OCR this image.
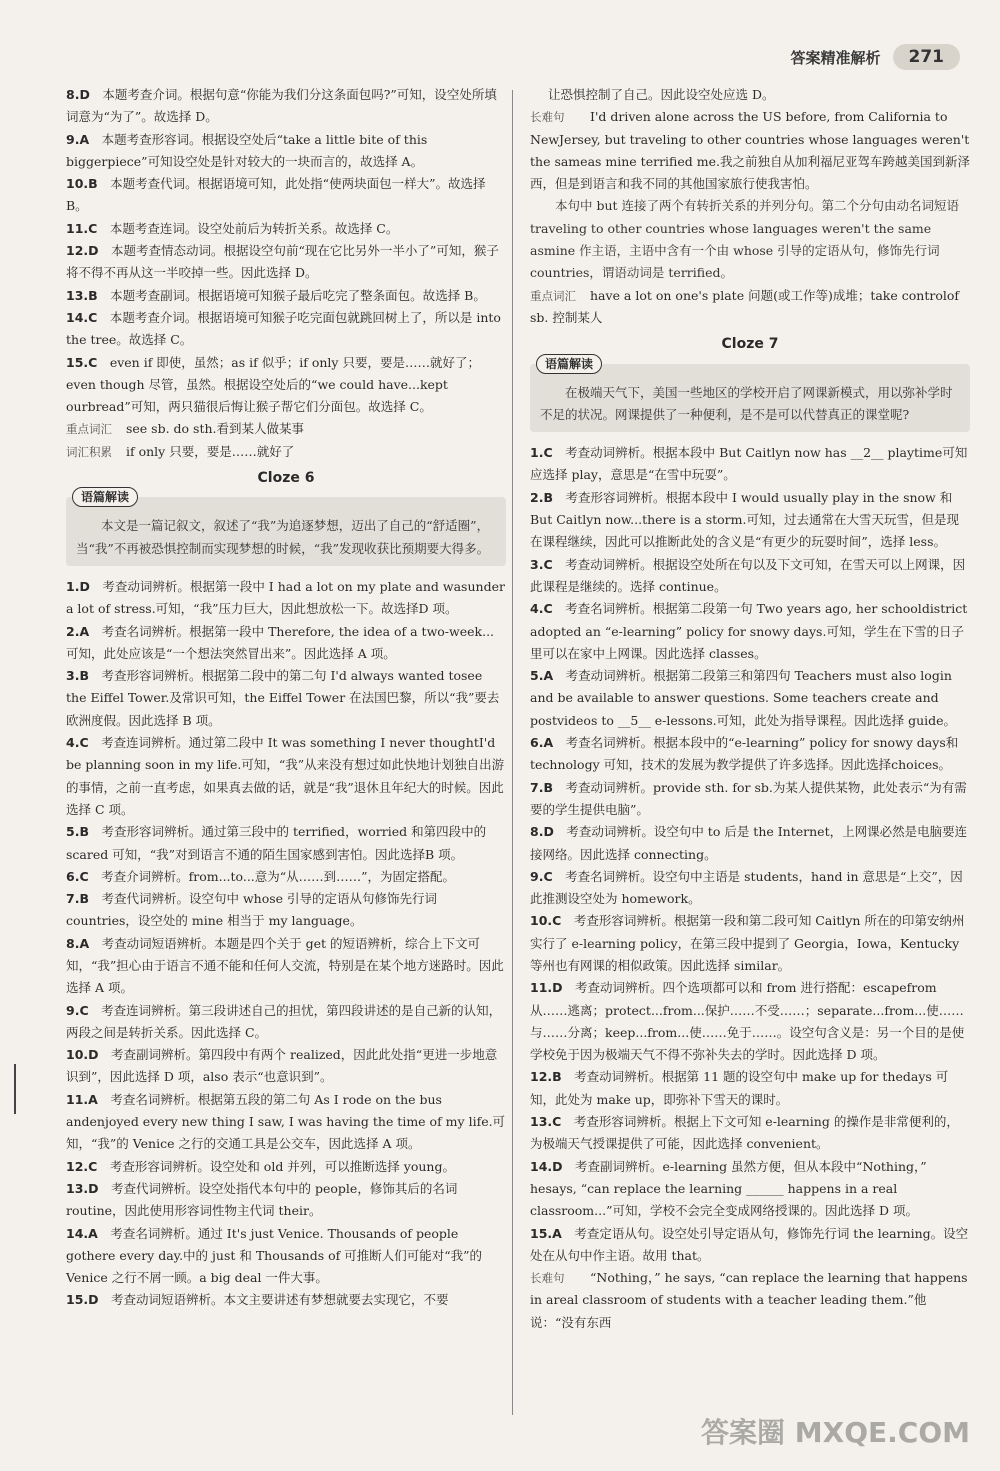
答案精准解析	271
8.D  本题考查介词。根据句意“你能为我们分这条面包吗?”可知，设空处所填词意为“为了”。故选择 D。
9.A  本题考查形容词。根据设空处后“take a little bite of this biggerpiece”可知设空处是针对较大的一块而言的，故选择 A。
10.B  本题考查代词。根据语境可知，此处指“使两块面包一样大”。故选择 B。
11.C  本题考查连词。设空处前后为转折关系。故选择 C。
12.D  本题考查情态动词。根据设空句前“现在它比另外一半小了”可知，猴子将不得不再从这一半咬掉一些。因此选择 D。
13.B  本题考查副词。根据语境可知猴子最后吃完了整条面包。故选择 B。
14.C  本题考查介词。根据语境可知猴子吃完面包就跳回树上了，所以是 into the tree。故选择 C。
15.C  even if 即使，虽然；as if 似乎；if only 只要，要是……就好了；even though 尽管，虽然。根据设空处后的“we could have...kept ourbread”可知，两只猫很后悔让猴子帮它们分面包。故选择 C。
重点词汇 see sb. do sth.看到某人做某事
词汇积累 if only 只要，要是……就好了
Cloze 6
语篇解读
本文是一篇记叙文，叙述了“我”为追逐梦想，迈出了自己的“舒适圈”，当“我”不再被恐惧控制而实现梦想的时候，“我”发现收获比预期要大得多。
1.D  考查动词辨析。根据第一段中 I had a lot on my plate and wasunder a lot of stress.可知，“我”压力巨大，因此想放松一下。故选择D 项。
2.A  考查名词辨析。根据第一段中 Therefore, the idea of a two-week...可知，此处应该是“一个想法突然冒出来”。因此选择 A 项。
3.B  考查形容词辨析。根据第二段中的第二句 I'd always wanted tosee the Eiffel Tower.及常识可知，the Eiffel Tower 在法国巴黎，所以“我”要去欧洲度假。因此选择 B 项。
4.C  考查连词辨析。通过第二段中 It was something I never thoughtI'd be planning soon in my life.可知，“我”从来没有想过如此快地计划独自出游的事情，之前一直考虑，如果真去做的话，就是“我”退休且年纪大的时候。因此选择 C 项。
5.B  考查形容词辨析。通过第三段中的 terrified，worried 和第四段中的 scared 可知，“我”对到语言不通的陌生国家感到害怕。因此选择B 项。
6.C  考查介词辨析。from...to...意为“从……到……”，为固定搭配。
7.B  考查代词辨析。设空句中 whose 引导的定语从句修饰先行词countries，设空处的 mine 相当于 my language。
8.A  考查动词短语辨析。本题是四个关于 get 的短语辨析，综合上下文可知，“我”担心由于语言不通不能和任何人交流，特别是在某个地方迷路时。因此选择 A 项。
9.C  考查连词辨析。第三段讲述自己的担忧，第四段讲述的是自己新的认知，两段之间是转折关系。因此选择 C。
10.D  考查副词辨析。第四段中有两个 realized，因此此处指“更进一步地意识到”，因此选择 D 项，also 表示“也意识到”。
11.A  考查名词辨析。根据第五段的第二句 As I rode on the bus andenjoyed every new thing I saw, I was having the time of my life.可知，“我”的 Venice 之行的交通工具是公交车，因此选择 A 项。
12.C  考查形容词辨析。设空处和 old 并列，可以推断选择 young。
13.D  考查代词辨析。设空处指代本句中的 people，修饰其后的名词routine，因此使用形容词性物主代词 their。
14.A  考查名词辨析。通过 It's just Venice. Thousands of people gothere every day.中的 just 和 Thousands of 可推断人们可能对“我”的Venice 之行不屑一顾。a big deal 一件大事。
15.D  考查动词短语辨析。本文主要讲述有梦想就要去实现它，不要
让恐惧控制了自己。因此设空处应选 D。
长难句 I'd driven alone across the US before, from California to NewJersey, but traveling to other countries whose languages weren't the sameas mine terrified me.我之前独自从加利福尼亚驾车跨越美国到新泽西，但是到语言和我不同的其他国家旅行使我害怕。
本句中 but 连接了两个有转折关系的并列分句。第二个分句由动名词短语 traveling to other countries whose languages weren't the same asmine 作主语，主语中含有一个由 whose 引导的定语从句，修饰先行词countries，谓语动词是 terrified。
重点词汇 have a lot on one's plate 问题(或工作等)成堆；take controlof sb. 控制某人
Cloze 7
语篇解读
在极端天气下，美国一些地区的学校开启了网课新模式，用以弥补学时不足的状况。网课提供了一种便利，是不是可以代替真正的课堂呢?
1.C  考查动词辨析。根据本段中 But Caitlyn now has __2__ playtime可知应选择 play，意思是“在雪中玩耍”。
2.B  考查形容词辨析。根据本段中 I would usually play in the snow 和But Caitlyn now...there is a storm.可知，过去通常在大雪天玩雪，但是现在课程继续，因此可以推断此处的含义是“有更少的玩耍时间”，选择 less。
3.C  考查动词辨析。根据设空处所在句以及下文可知，在雪天可以上网课，因此课程是继续的。选择 continue。
4.C  考查名词辨析。根据第二段第一句 Two years ago, her schooldistrict adopted an “e-learning” policy for snowy days.可知，学生在下雪的日子里可以在家中上网课。因此选择 classes。
5.A  考查动词辨析。根据第二段第三和第四句 Teachers must also login and be available to answer questions. Some teachers create and postvideos to __5__ e-lessons.可知，此处为指导课程。因此选择 guide。
6.A  考查名词辨析。根据本段中的“e-learning” policy for snowy days和 technology 可知，技术的发展为教学提供了许多选择。因此选择choices。
7.B  考查动词辨析。provide sth. for sb.为某人提供某物，此处表示“为有需要的学生提供电脑”。
8.D  考查动词辨析。设空句中 to 后是 the Internet，上网课必然是电脑要连接网络。因此选择 connecting。
9.C  考查名词辨析。设空句中主语是 students，hand in 意思是“上交”，因此推测设空处为 homework。
10.C  考查形容词辨析。根据第一段和第二段可知 Caitlyn 所在的印第安纳州实行了 e-learning policy，在第三段中提到了 Georgia，Iowa，Kentucky 等州也有网课的相似政策。因此选择 similar。
11.D  考查动词辨析。四个选项都可以和 from 进行搭配：escapefrom 从……逃离；protect...from...保护……不受……；separate...from...使……与……分离；keep...from...使……免于……。设空句含义是：另一个目的是使学校免于因为极端天气不得不弥补失去的学时。因此选择 D 项。
12.B  考查动词辨析。根据第 11 题的设空句中 make up for thedays 可知，此处为 make up，即弥补下雪天的课时。
13.C  考查形容词辨析。根据上下文可知 e-learning 的操作是非常便利的，为极端天气授课提供了可能，因此选择 convenient。
14.D  考查副词辨析。e-learning 虽然方便，但从本段中“Nothing，” hesays, “can replace the learning ______ happens in a real classroom...”可知，学校不会完全变成网络授课的。因此选择 D 项。
15.A  考查定语从句。设空处引导定语从句，修饰先行词 the learning。设空处在从句中作主语。故用 that。
长难句 “Nothing，” he says, “can replace the learning that happens in areal classroom of students with a teacher leading them.”他说：“没有东西
答案圈 MXQE.COM
